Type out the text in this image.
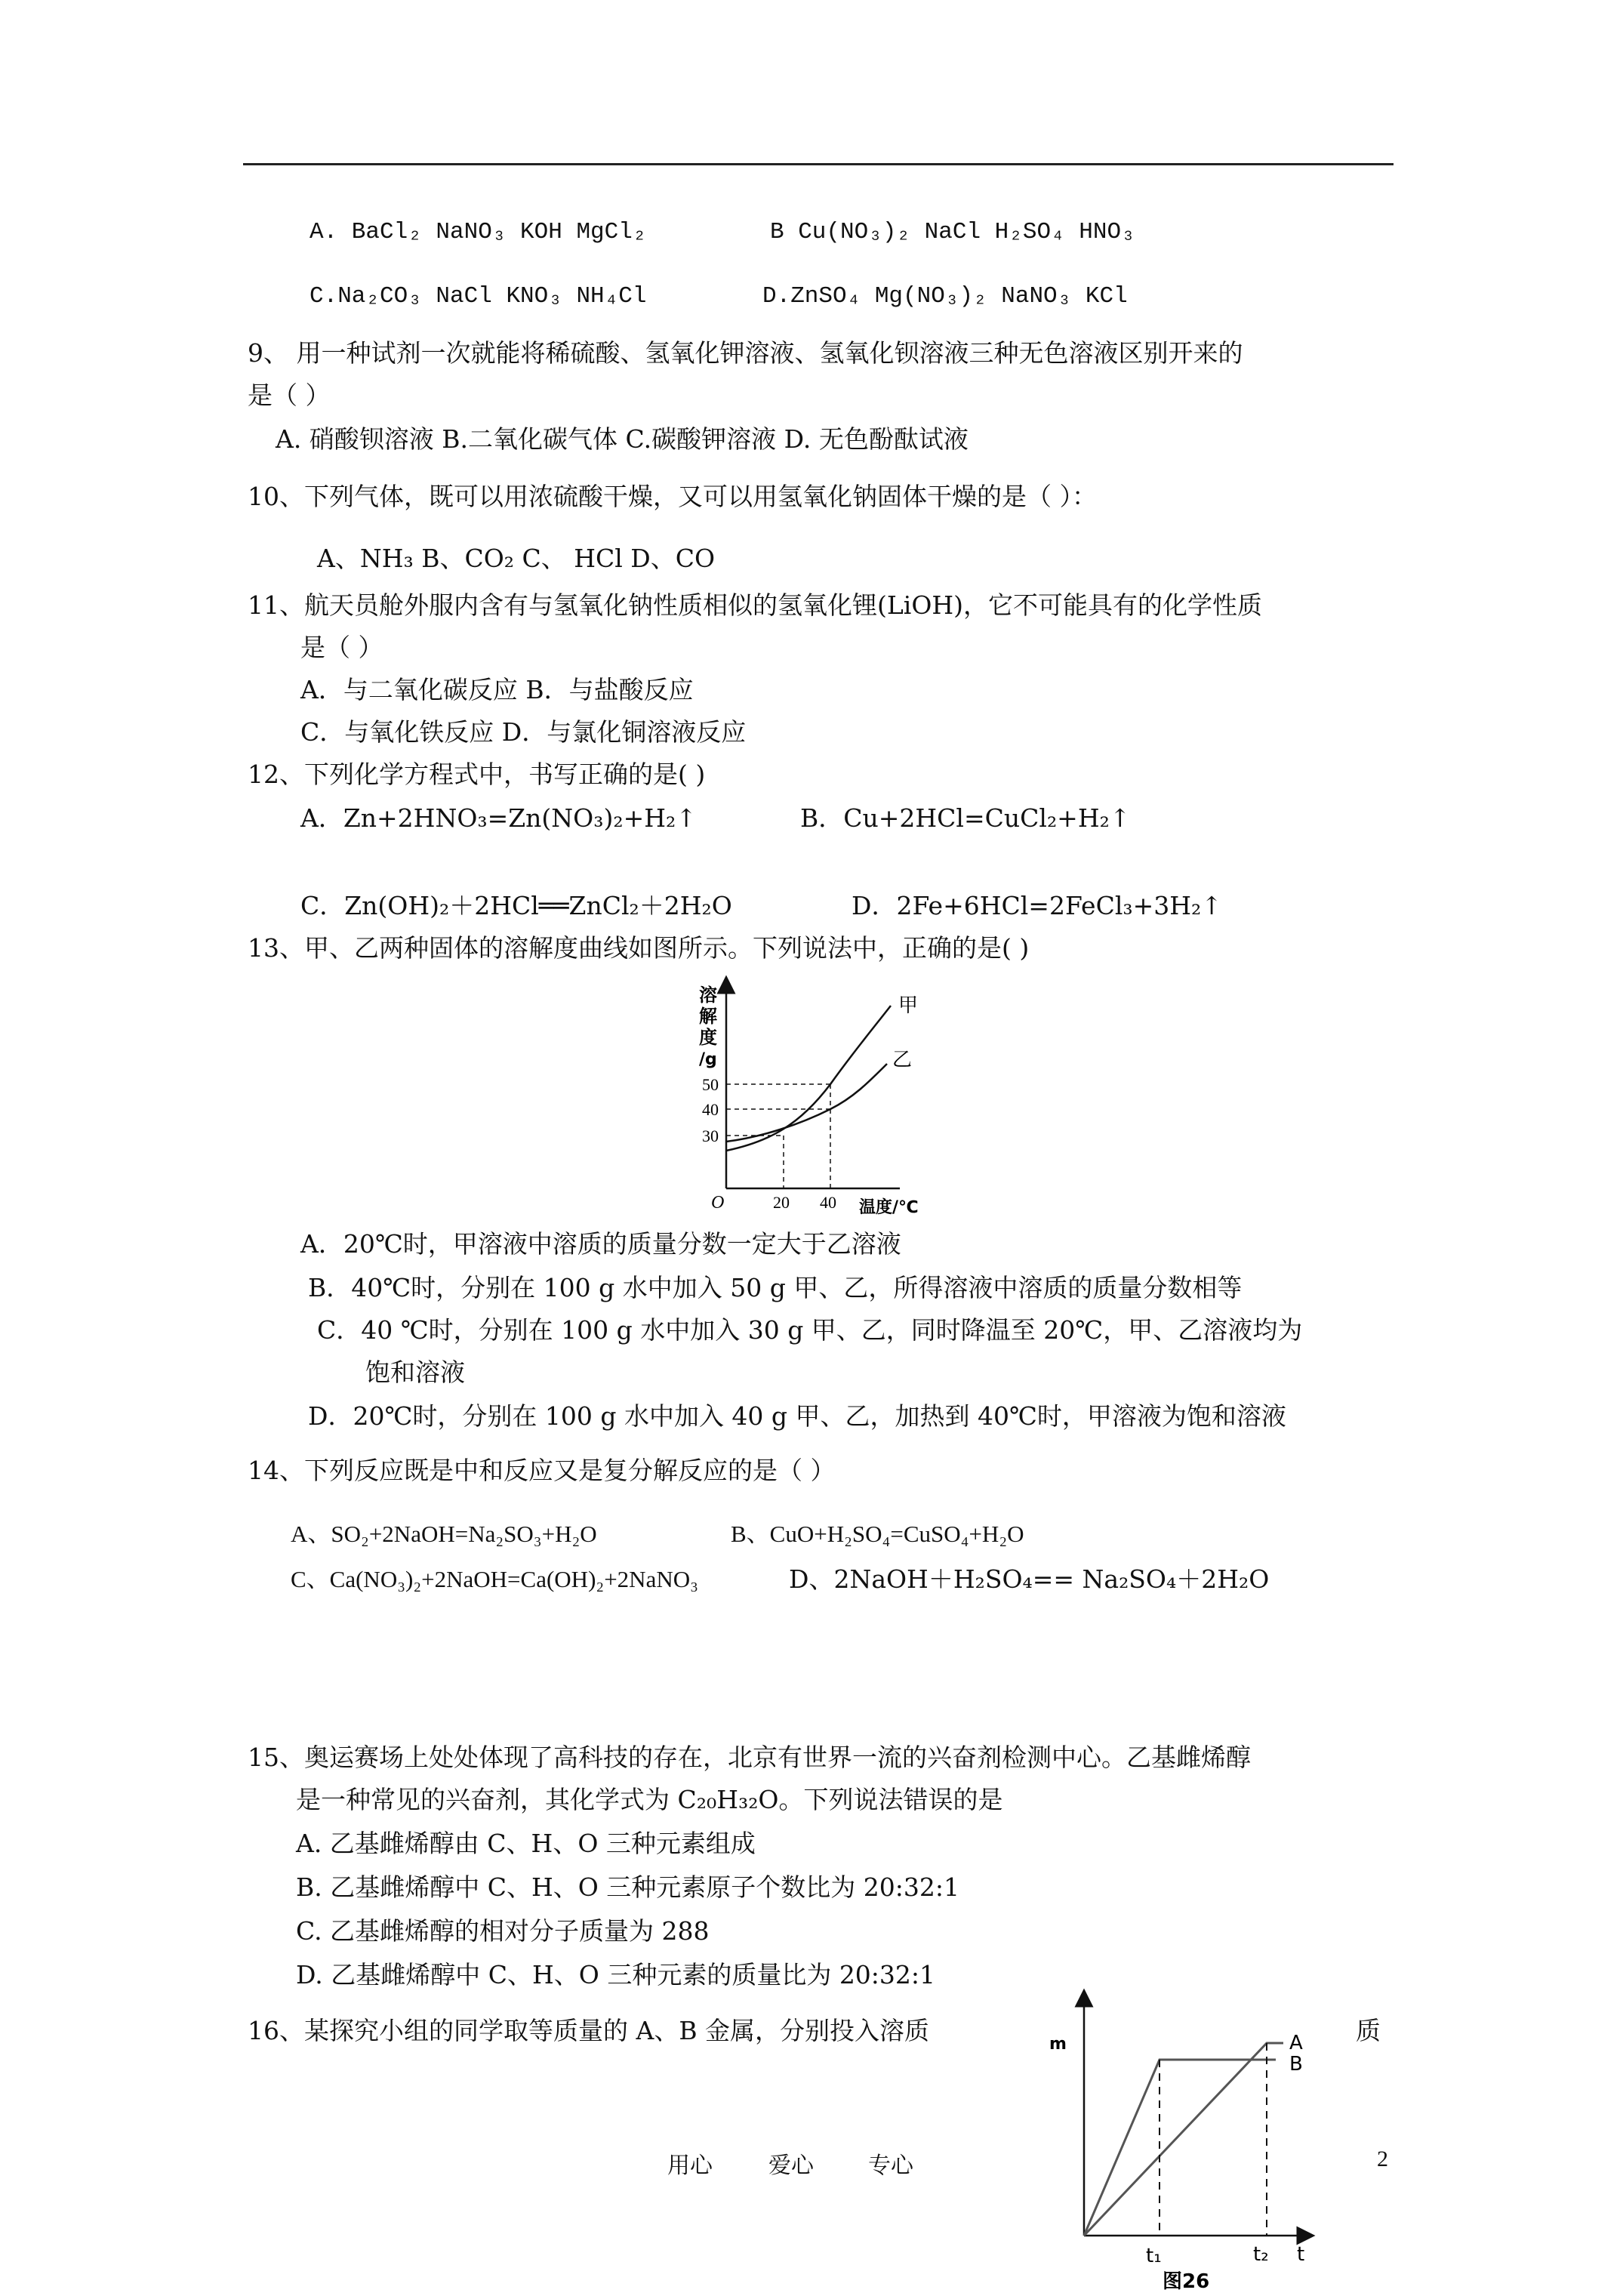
A. BaCl₂ NaNO₃ KOH MgCl₂	B Cu(NO₃)₂ NaCl H₂SO₄ HNO₃
C.Na₂CO₃ NaCl KNO₃ NH₄Cl	D.ZnSO₄ Mg(NO₃)₂ NaNO₃ KCl
9、 用一种试剂一次就能将稀硫酸、氢氧化钾溶液、氢氧化钡溶液三种无色溶液区别开来的
是（ ）
A. 硝酸钡溶液 B.二氧化碳气体 C.碳酸钾溶液 D. 无色酚酞试液
10、下列气体，既可以用浓硫酸干燥，又可以用氢氧化钠固体干燥的是（ ）：
A、NH₃ B、CO₂ C、 HCl D、CO
11、航天员舱外服内含有与氢氧化钠性质相似的氢氧化锂(LiOH)，它不可能具有的化学性质
是（ ）
A．与二氧化碳反应 B．与盐酸反应
C．与氧化铁反应 D．与氯化铜溶液反应
12、下列化学方程式中，书写正确的是( )
A．Zn+2HNO₃=Zn(NO₃)₂+H₂↑	B．Cu+2HCl=CuCl₂+H₂↑
C．Zn(OH)₂＋2HCl══ZnCl₂＋2H₂O	D．2Fe+6HCl=2FeCl₃+3H₂↑
13、甲、乙两种固体的溶解度曲线如图所示。下列说法中，正确的是( )
溶
解
度
/g
50
40
30
O	20 40 温度/℃
甲
乙
A．20℃时，甲溶液中溶质的质量分数一定大于乙溶液
B．40℃时，分别在 100 g 水中加入 50 g 甲、乙，所得溶液中溶质的质量分数相等
C．40 ℃时，分别在 100 g 水中加入 30 g 甲、乙，同时降温至 20℃，甲、乙溶液均为
饱和溶液
D．20℃时，分别在 100 g 水中加入 40 g 甲、乙，加热到 40℃时，甲溶液为饱和溶液
14、下列反应既是中和反应又是复分解反应的是（ ）
A、SO₂+2NaOH=Na₂SO₃+H₂O	B、CuO+H₂SO₄=CuSO₄+H₂O
C、Ca(NO₃)₂+2NaOH=Ca(OH)₂+2NaNO₃	D、2NaOH＋H₂SO₄== Na₂SO₄＋2H₂O
15、奥运赛场上处处体现了高科技的存在，北京有世界一流的兴奋剂检测中心。乙基雌烯醇
是一种常见的兴奋剂，其化学式为 C₂₀H₃₂O。下列说法错误的是
A. 乙基雌烯醇由 C、H、O 三种元素组成
B. 乙基雌烯醇中 C、H、O 三种元素原子个数比为 20:32:1
C. 乙基雌烯醇的相对分子质量为 288
D. 乙基雌烯醇中 C、H、O 三种元素的质量比为 20:32:1
16、某探究小组的同学取等质量的 A、B 金属，分别投入溶质	质
m	A
B
t₁	t₂ t
图26
用心 爱心 专心	2
